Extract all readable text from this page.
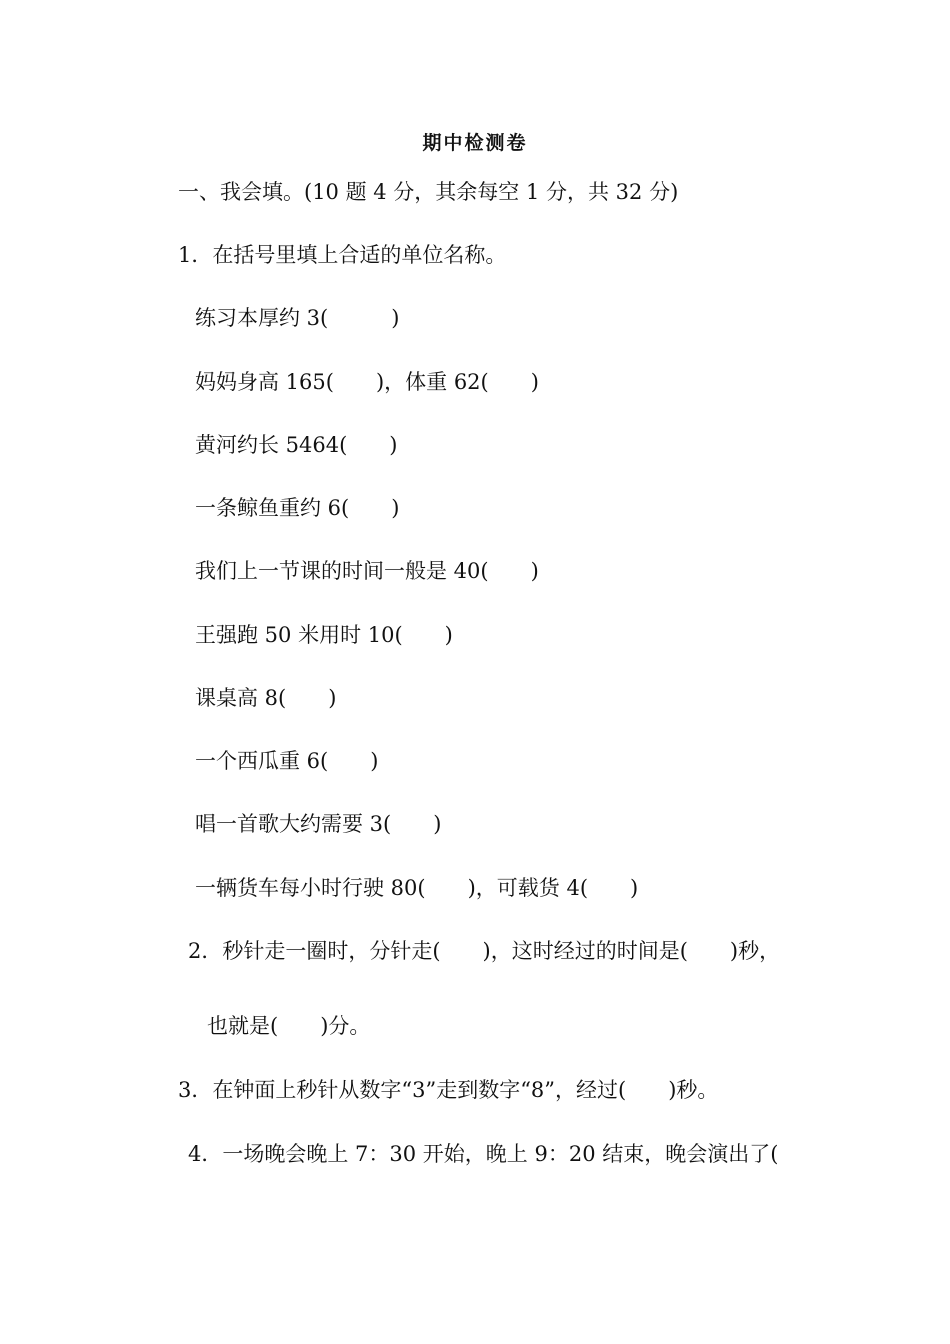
期中检测卷
一、我会填。(10 题 4 分，其余每空 1 分，共 32 分)
1．在括号里填上合适的单位名称。
练习本厚约 3(　　　)
妈妈身高 165(　　)，体重 62(　　)
黄河约长 5464(　　)
一条鲸鱼重约 6(　　)
我们上一节课的时间一般是 40(　　)
王强跑 50 米用时 10(　　)
课桌高 8(　　)
一个西瓜重 6(　　)
唱一首歌大约需要 3(　　)
一辆货车每小时行驶 80(　　)，可载货 4(　　)
2．秒针走一圈时，分针走(　　)，这时经过的时间是(　　)秒，
也就是(　　)分。
3．在钟面上秒针从数字“3”走到数字“8”，经过(　　)秒。
4．一场晚会晚上 7：30 开始，晚上 9：20 结束，晚会演出了(
